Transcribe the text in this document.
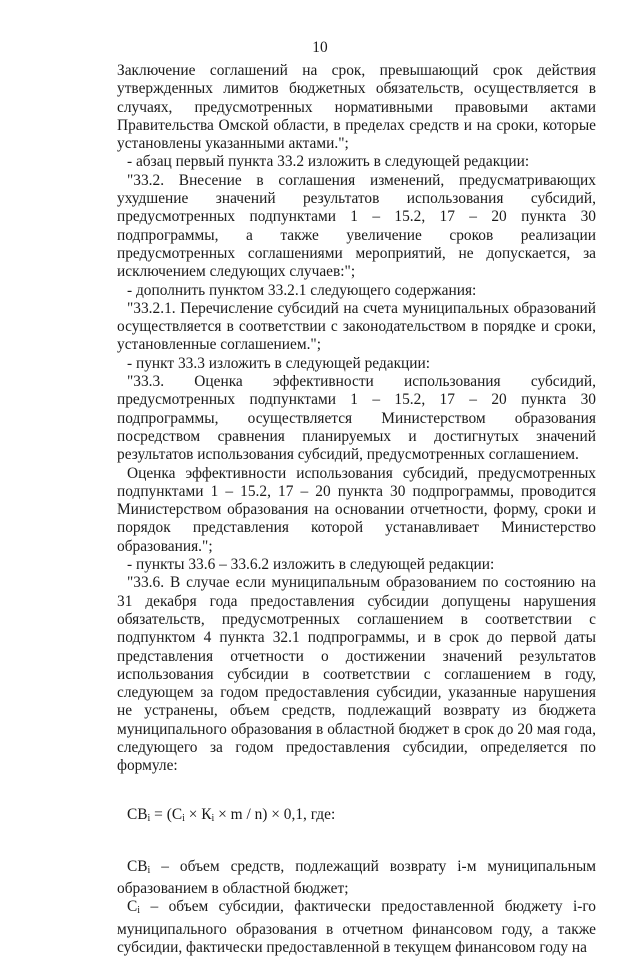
10

Заключение соглашений на срок, превышающий срок действия утвержденных лимитов бюджетных обязательств, осуществляется в случаях, предусмотренных нормативными правовыми актами Правительства Омской области, в пределах средств и на сроки, которые установлены указанными актами.";

- абзац первый пункта 33.2 изложить в следующей редакции:

"33.2. Внесение в соглашения изменений, предусматривающих ухудшение значений результатов использования субсидий, предусмотренных подпунктами 1 – 15.2, 17 – 20 пункта 30 подпрограммы, а также увеличение сроков реализации предусмотренных соглашениями мероприятий, не допускается, за исключением следующих случаев:";

- дополнить пунктом 33.2.1 следующего содержания:

"33.2.1. Перечисление субсидий на счета муниципальных образований осуществляется в соответствии с законодательством в порядке и сроки, установленные соглашением.";

- пункт 33.3 изложить в следующей редакции:

"33.3. Оценка эффективности использования субсидий, предусмотренных подпунктами 1 – 15.2, 17 – 20 пункта 30 подпрограммы, осуществляется Министерством образования посредством сравнения планируемых и достигнутых значений результатов использования субсидий, предусмотренных соглашением.

Оценка эффективности использования субсидий, предусмотренных подпунктами 1 – 15.2, 17 – 20 пункта 30 подпрограммы, проводится Министерством образования на основании отчетности, форму, сроки и порядок представления которой устанавливает Министерство образования.";

- пункты 33.6 – 33.6.2 изложить в следующей редакции:

"33.6. В случае если муниципальным образованием по состоянию на 31 декабря года предоставления субсидии допущены нарушения обязательств, предусмотренных соглашением в соответствии с подпунктом 4 пункта 32.1 подпрограммы, и в срок до первой даты представления отчетности о достижении значений результатов использования субсидии в соответствии с соглашением в году, следующем за годом предоставления субсидии, указанные нарушения не устранены, объем средств, подлежащий возврату из бюджета муниципального образования в областной бюджет в срок до 20 мая года, следующего за годом предоставления субсидии, определяется по формуле:

$СВ_i = (С_i \times К_i \times m / n) \times 0,1$, где:

$СВ_i$ – объем средств, подлежащий возврату i-м муниципальным образованием в областной бюджет;

$С_i$ – объем субсидии, фактически предоставленной бюджету i-го муниципального образования в отчетном финансовом году, а также субсидии, фактически предоставленной в текущем финансовом году на
